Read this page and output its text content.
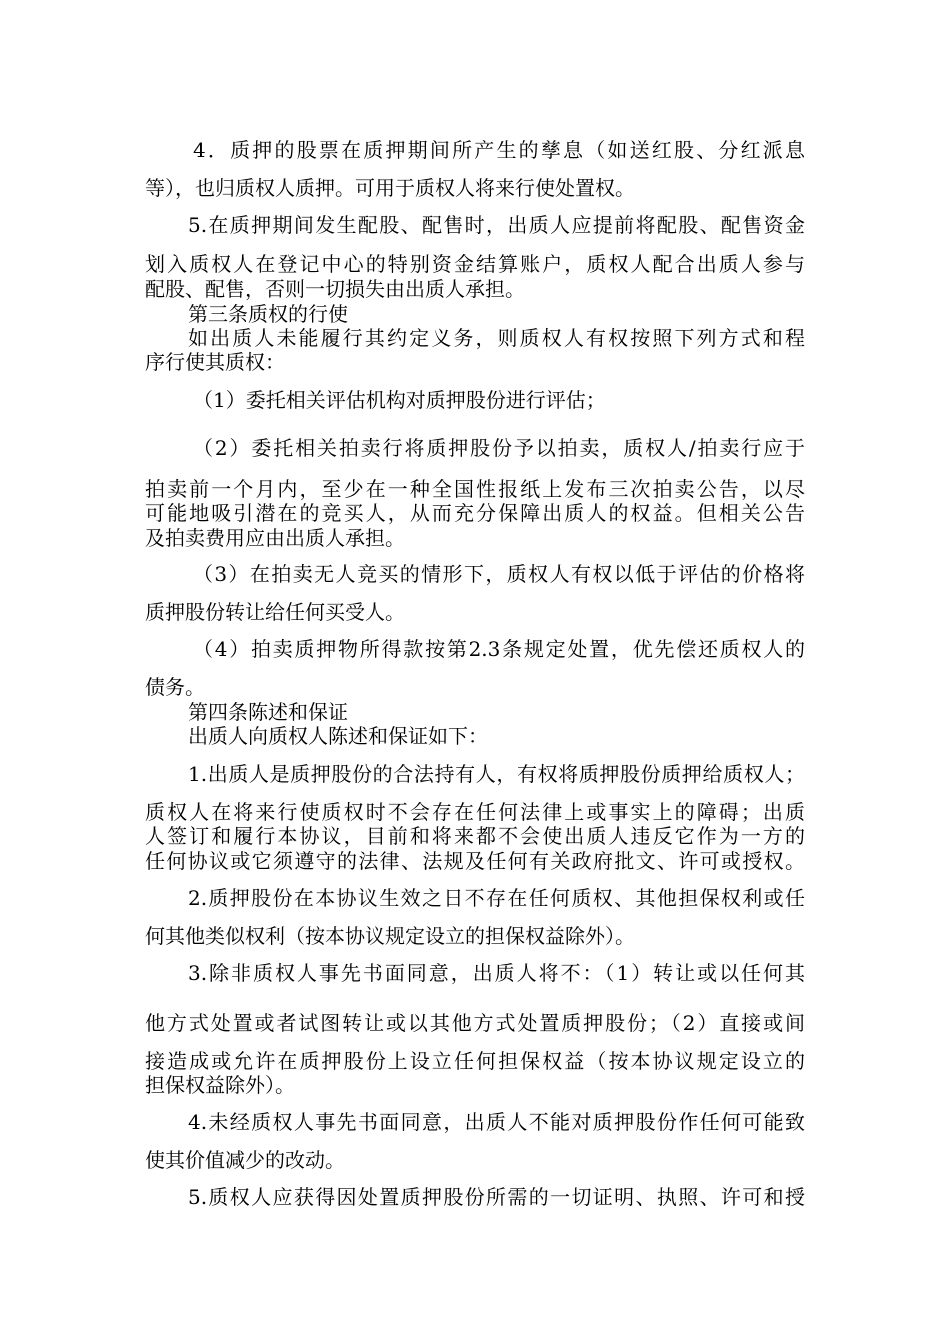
4．质押的股票在质押期间所产生的孳息（如送红股、分红派息
等），也归质权人质押。可用于质权人将来行使处置权。
5.在质押期间发生配股、配售时，出质人应提前将配股、配售资金
划入质权人在登记中心的特别资金结算账户，质权人配合出质人参与
配股、配售，否则一切损失由出质人承担。
第三条质权的行使
如出质人未能履行其约定义务，则质权人有权按照下列方式和程
序行使其质权：
（1）委托相关评估机构对质押股份进行评估；
（2）委托相关拍卖行将质押股份予以拍卖，质权人/拍卖行应于
拍卖前一个月内，至少在一种全国性报纸上发布三次拍卖公告，以尽
可能地吸引潜在的竞买人，从而充分保障出质人的权益。但相关公告
及拍卖费用应由出质人承担。
（3）在拍卖无人竞买的情形下，质权人有权以低于评估的价格将
质押股份转让给任何买受人。
（4）拍卖质押物所得款按第2.3条规定处置，优先偿还质权人的
债务。
第四条陈述和保证
出质人向质权人陈述和保证如下：
1.出质人是质押股份的合法持有人，有权将质押股份质押给质权人；
质权人在将来行使质权时不会存在任何法律上或事实上的障碍；出质
人签订和履行本协议，目前和将来都不会使出质人违反它作为一方的
任何协议或它须遵守的法律、法规及任何有关政府批文、许可或授权。
2.质押股份在本协议生效之日不存在任何质权、其他担保权利或任
何其他类似权利（按本协议规定设立的担保权益除外）。
3.除非质权人事先书面同意，出质人将不：（1）转让或以任何其
他方式处置或者试图转让或以其他方式处置质押股份；（2）直接或间
接造成或允许在质押股份上设立任何担保权益（按本协议规定设立的
担保权益除外）。
4.未经质权人事先书面同意，出质人不能对质押股份作任何可能致
使其价值减少的改动。
5.质权人应获得因处置质押股份所需的一切证明、执照、许可和授
